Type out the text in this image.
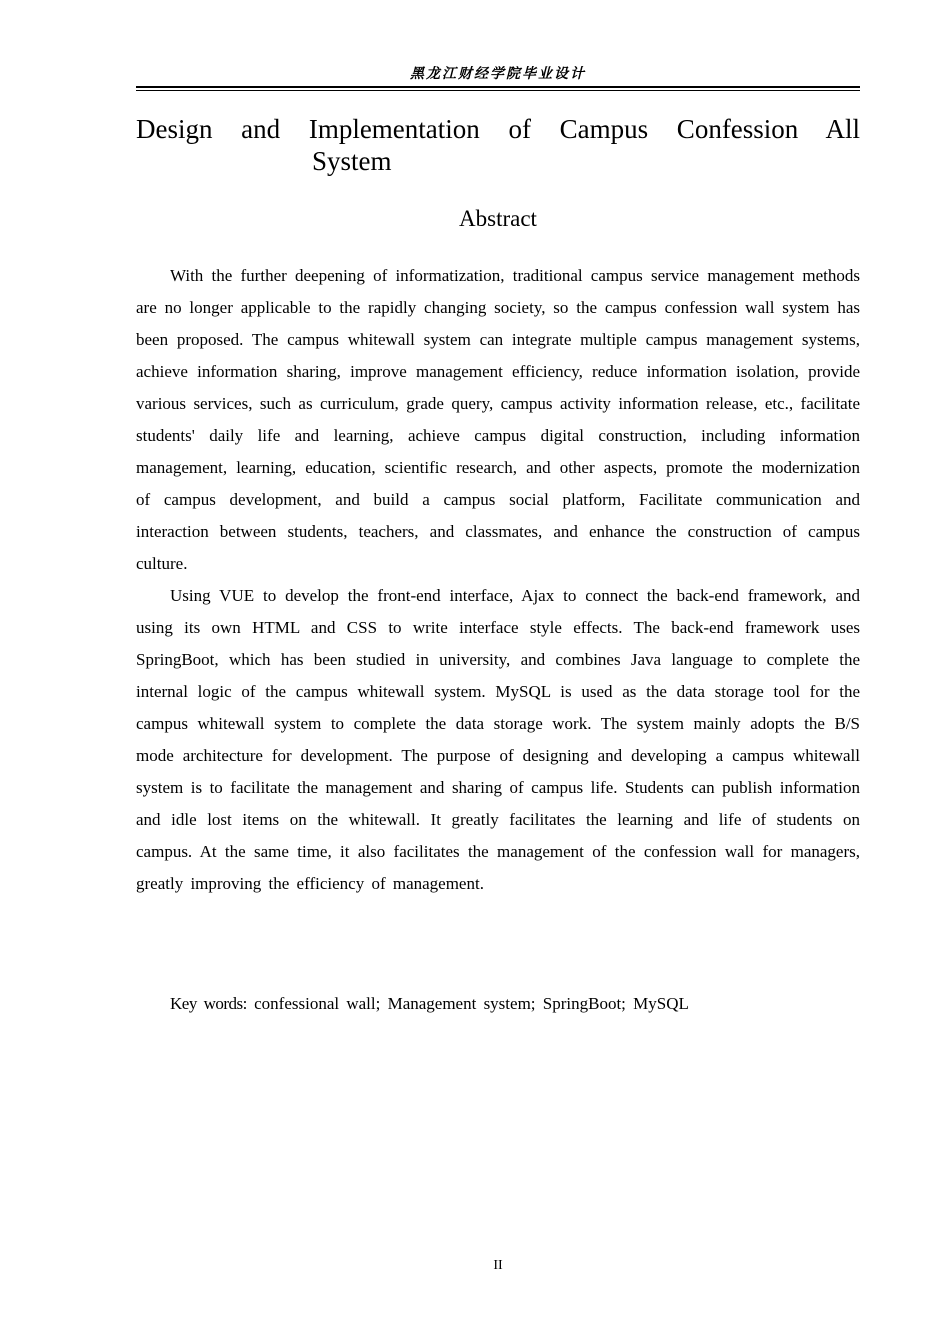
黑龙江财经学院毕业设计
Design and Implementation of Campus Confession All
System
Abstract

With the further deepening of informatization, traditional campus service management methods are no longer applicable to the rapidly changing society, so the campus confession wall system has been proposed. The campus whitewall system can integrate multiple campus management systems, achieve information sharing, improve management efficiency, reduce information isolation, provide various services, such as curriculum, grade query, campus activity information release, etc., facilitate students' daily life and learning, achieve campus digital construction, including information management, learning, education, scientific research, and other aspects, promote the modernization of campus development, and build a campus social platform, Facilitate communication and interaction between students, teachers, and classmates, and enhance the construction of campus culture.

Using VUE to develop the front-end interface, Ajax to connect the back-end framework, and using its own HTML and CSS to write interface style effects. The back-end framework uses SpringBoot, which has been studied in university, and combines Java language to complete the internal logic of the campus whitewall system. MySQL is used as the data storage tool for the campus whitewall system to complete the data storage work. The system mainly adopts the B/S mode architecture for development. The purpose of designing and developing a campus whitewall system is to facilitate the management and sharing of campus life. Students can publish information and idle lost items on the whitewall. It greatly facilitates the learning and life of students on campus. At the same time, it also facilitates the management of the confession wall for managers, greatly improving the efficiency of management.

Key words: confessional wall; Management system; SpringBoot; MySQL
II
